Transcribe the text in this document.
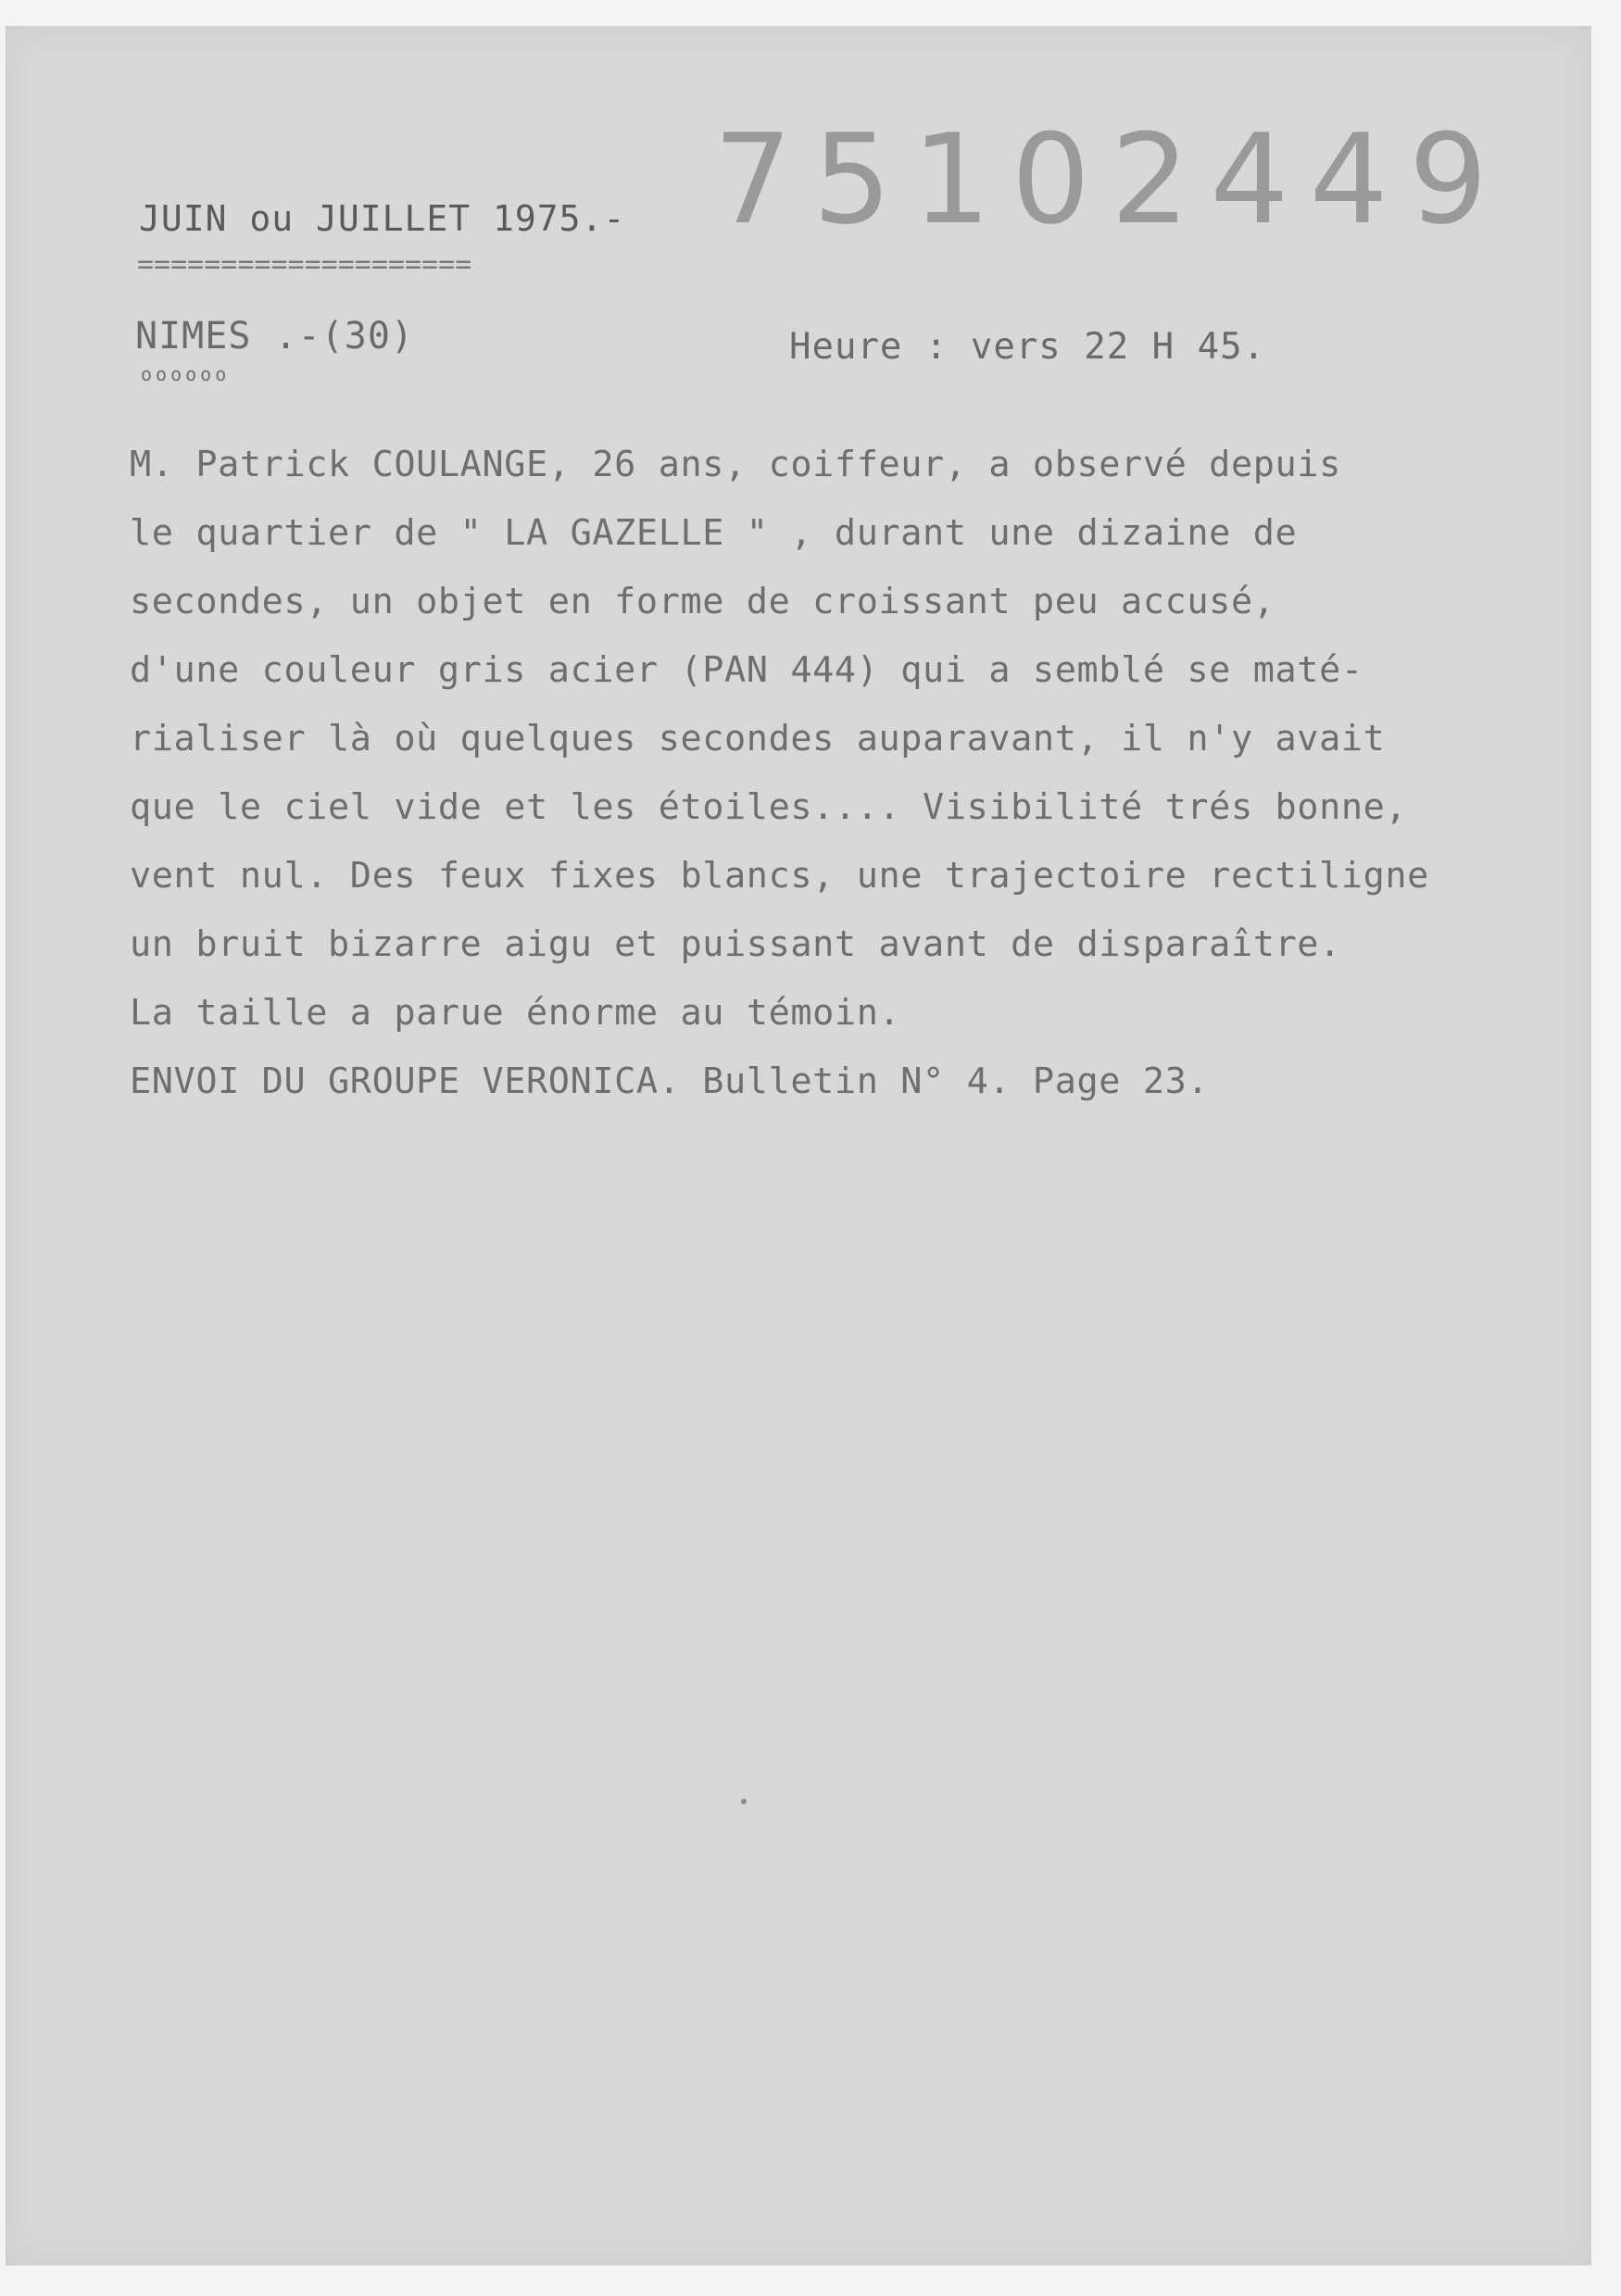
75102449
JUIN ou JUILLET 1975.-
====================
NIMES .-(30)
oooooo
Heure : vers 22 H 45.
M. Patrick COULANGE, 26 ans, coiffeur, a observé depuis
le quartier de " LA GAZELLE " , durant une dizaine de
secondes, un objet en forme de croissant peu accusé,
d'une couleur gris acier (PAN 444) qui a semblé se maté-
rialiser là où quelques secondes auparavant, il n'y avait
que le ciel vide et les étoiles.... Visibilité trés bonne,
vent nul. Des feux fixes blancs, une trajectoire rectiligne
un bruit bizarre aigu et puissant avant de disparaître.
La taille a parue énorme au témoin.
ENVOI DU GROUPE VERONICA. Bulletin N° 4. Page 23.
